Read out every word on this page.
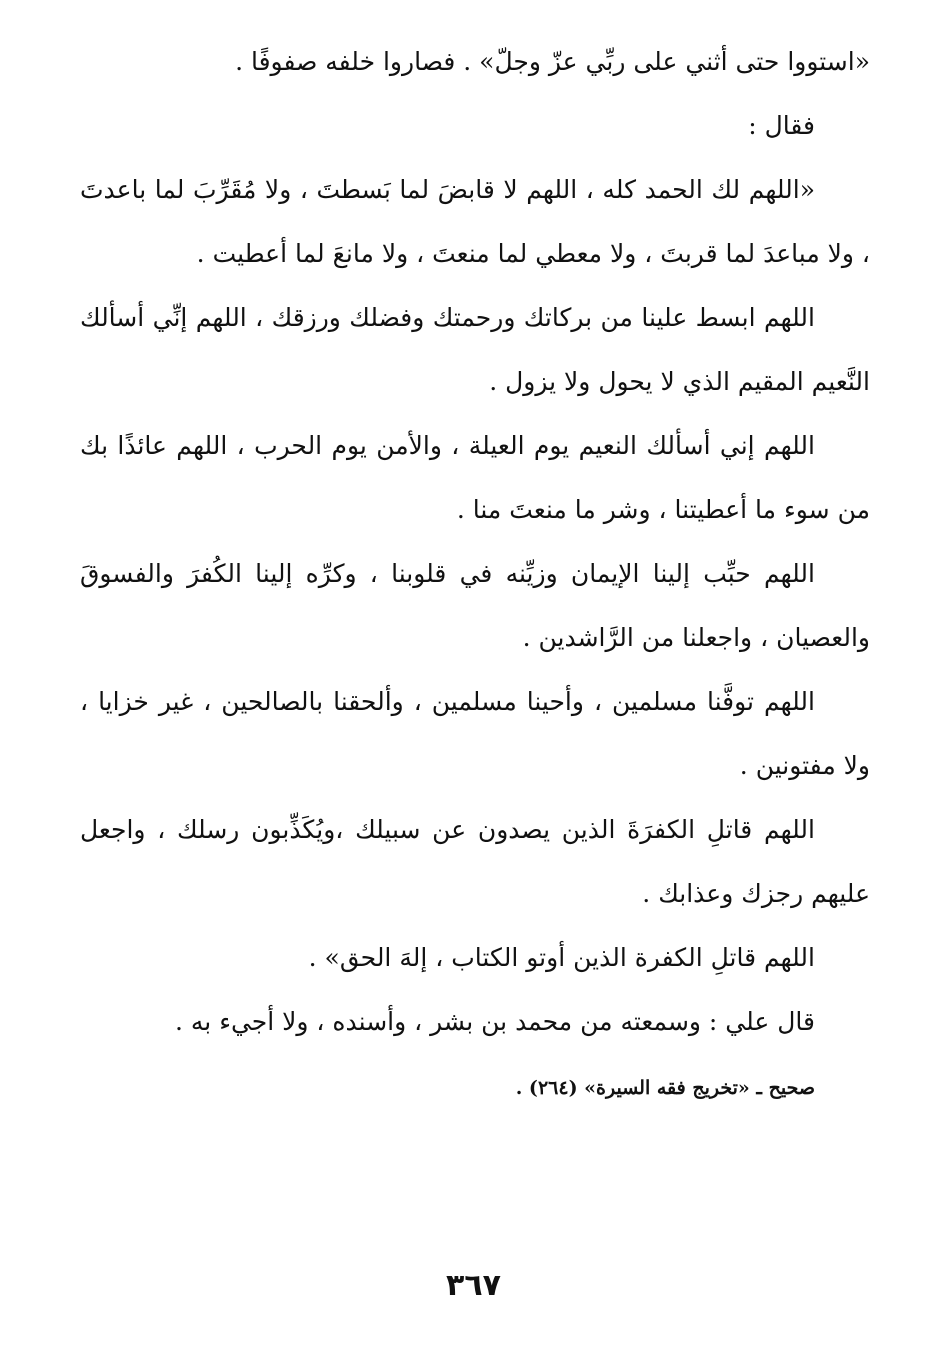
«استووا حتى أثني على ربِّي عزّ وجلّ» . فصاروا خلفه صفوفًا .

فقال :

«اللهم لك الحمد كله ، اللهم لا قابضَ لما بَسطتَ ، ولا مُقَرِّبَ لما باعدتَ ، ولا مباعدَ لما قربتَ ، ولا معطي لما منعتَ ، ولا مانعَ لما أعطيت .

اللهم ابسط علينا من بركاتك ورحمتك وفضلك ورزقك ، اللهم إنِّي أسألك النَّعيم المقيم الذي لا يحول ولا يزول .

اللهم إني أسألك النعيم يوم العيلة ، والأمن يوم الحرب ، اللهم عائذًا بك من سوء ما أعطيتنا ، وشر ما منعتَ منا .

اللهم حبِّب إلينا الإيمان وزيِّنه في قلوبنا ، وكرِّه إلينا الكُفرَ والفسوقَ والعصيان ، واجعلنا من الرَّاشدين .

اللهم توفَّنا مسلمين ، وأحينا مسلمين ، وألحقنا بالصالحين ، غير خزايا ، ولا مفتونين .

اللهم قاتلِ الكفرَةَ الذين يصدون عن سبيلك ،ويُكَذِّبون رسلك ، واجعل عليهم رجزك وعذابك .

اللهم قاتلِ الكفرة الذين أوتو الكتاب ، إلهَ الحق» .

قال علي : وسمعته من محمد بن بشر ، وأسنده ، ولا أجيء به .

صحيح ـ «تخريج فقه السيرة» (٢٦٤) .

٣٦٧
